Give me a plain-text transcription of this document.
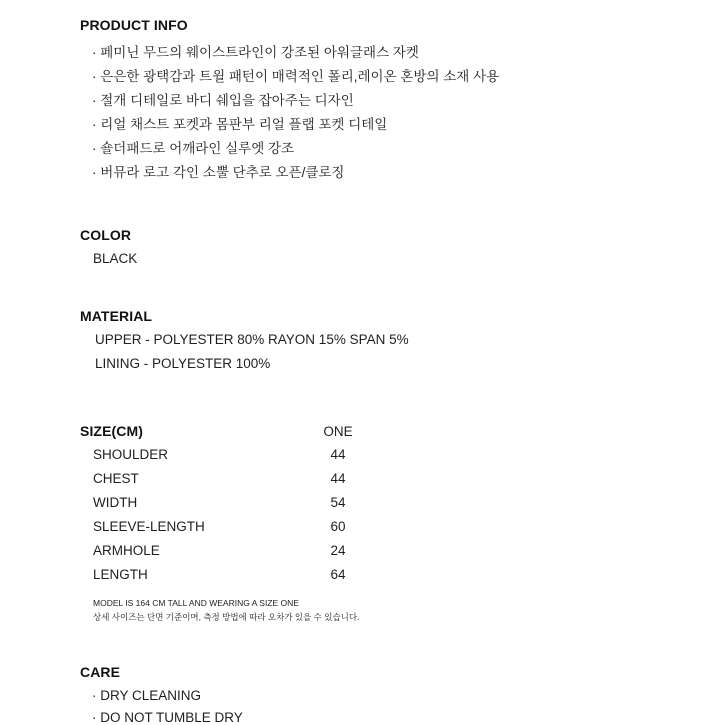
PRODUCT INFO
· 페미닌 무드의 웨이스트라인이 강조된 아워글래스 자켓
· 은은한 광택감과 트윌 패턴이 매력적인 폴리,레이온 혼방의 소재 사용
· 절개 디테일로 바디 쉐입을 잡아주는 디자인
· 리얼 채스트 포켓과 몸판부 리얼 플랩 포켓 디테일
· 숄더패드로 어깨라인 실루엣 강조
· 버뮤라 로고 각인 소뿔 단추로 오픈/클로징
COLOR
BLACK
MATERIAL
UPPER - POLYESTER 80% RAYON 15% SPAN 5%
LINING - POLYESTER 100%
SIZE(CM)	ONE
SHOULDER	44
CHEST	44
WIDTH	54
SLEEVE-LENGTH	60
ARMHOLE	24
LENGTH	64
MODEL IS 164 CM TALL AND WEARING A SIZE ONE
상세 사이즈는 단면 기준이며, 측정 방법에 따라 오차가 있을 수 있습니다.
CARE
· DRY CLEANING
· DO NOT TUMBLE DRY
